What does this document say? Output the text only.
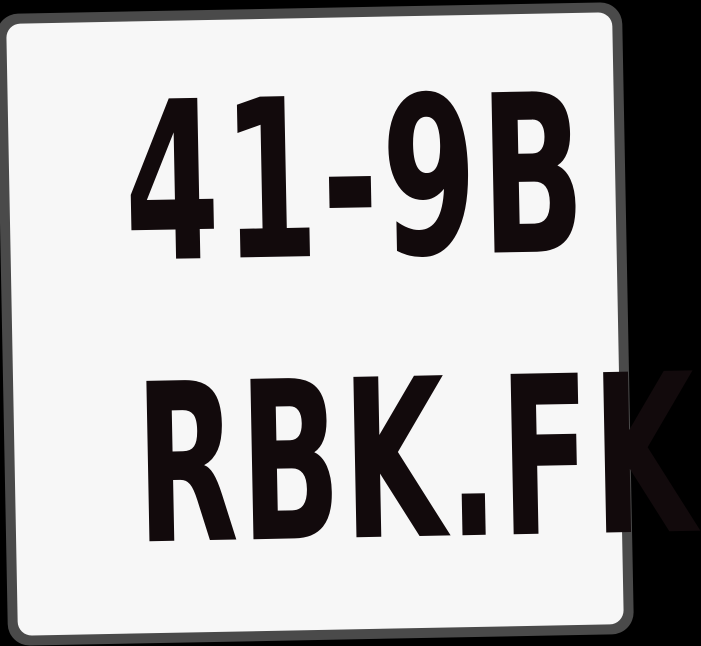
41-9B
RBK.FK
